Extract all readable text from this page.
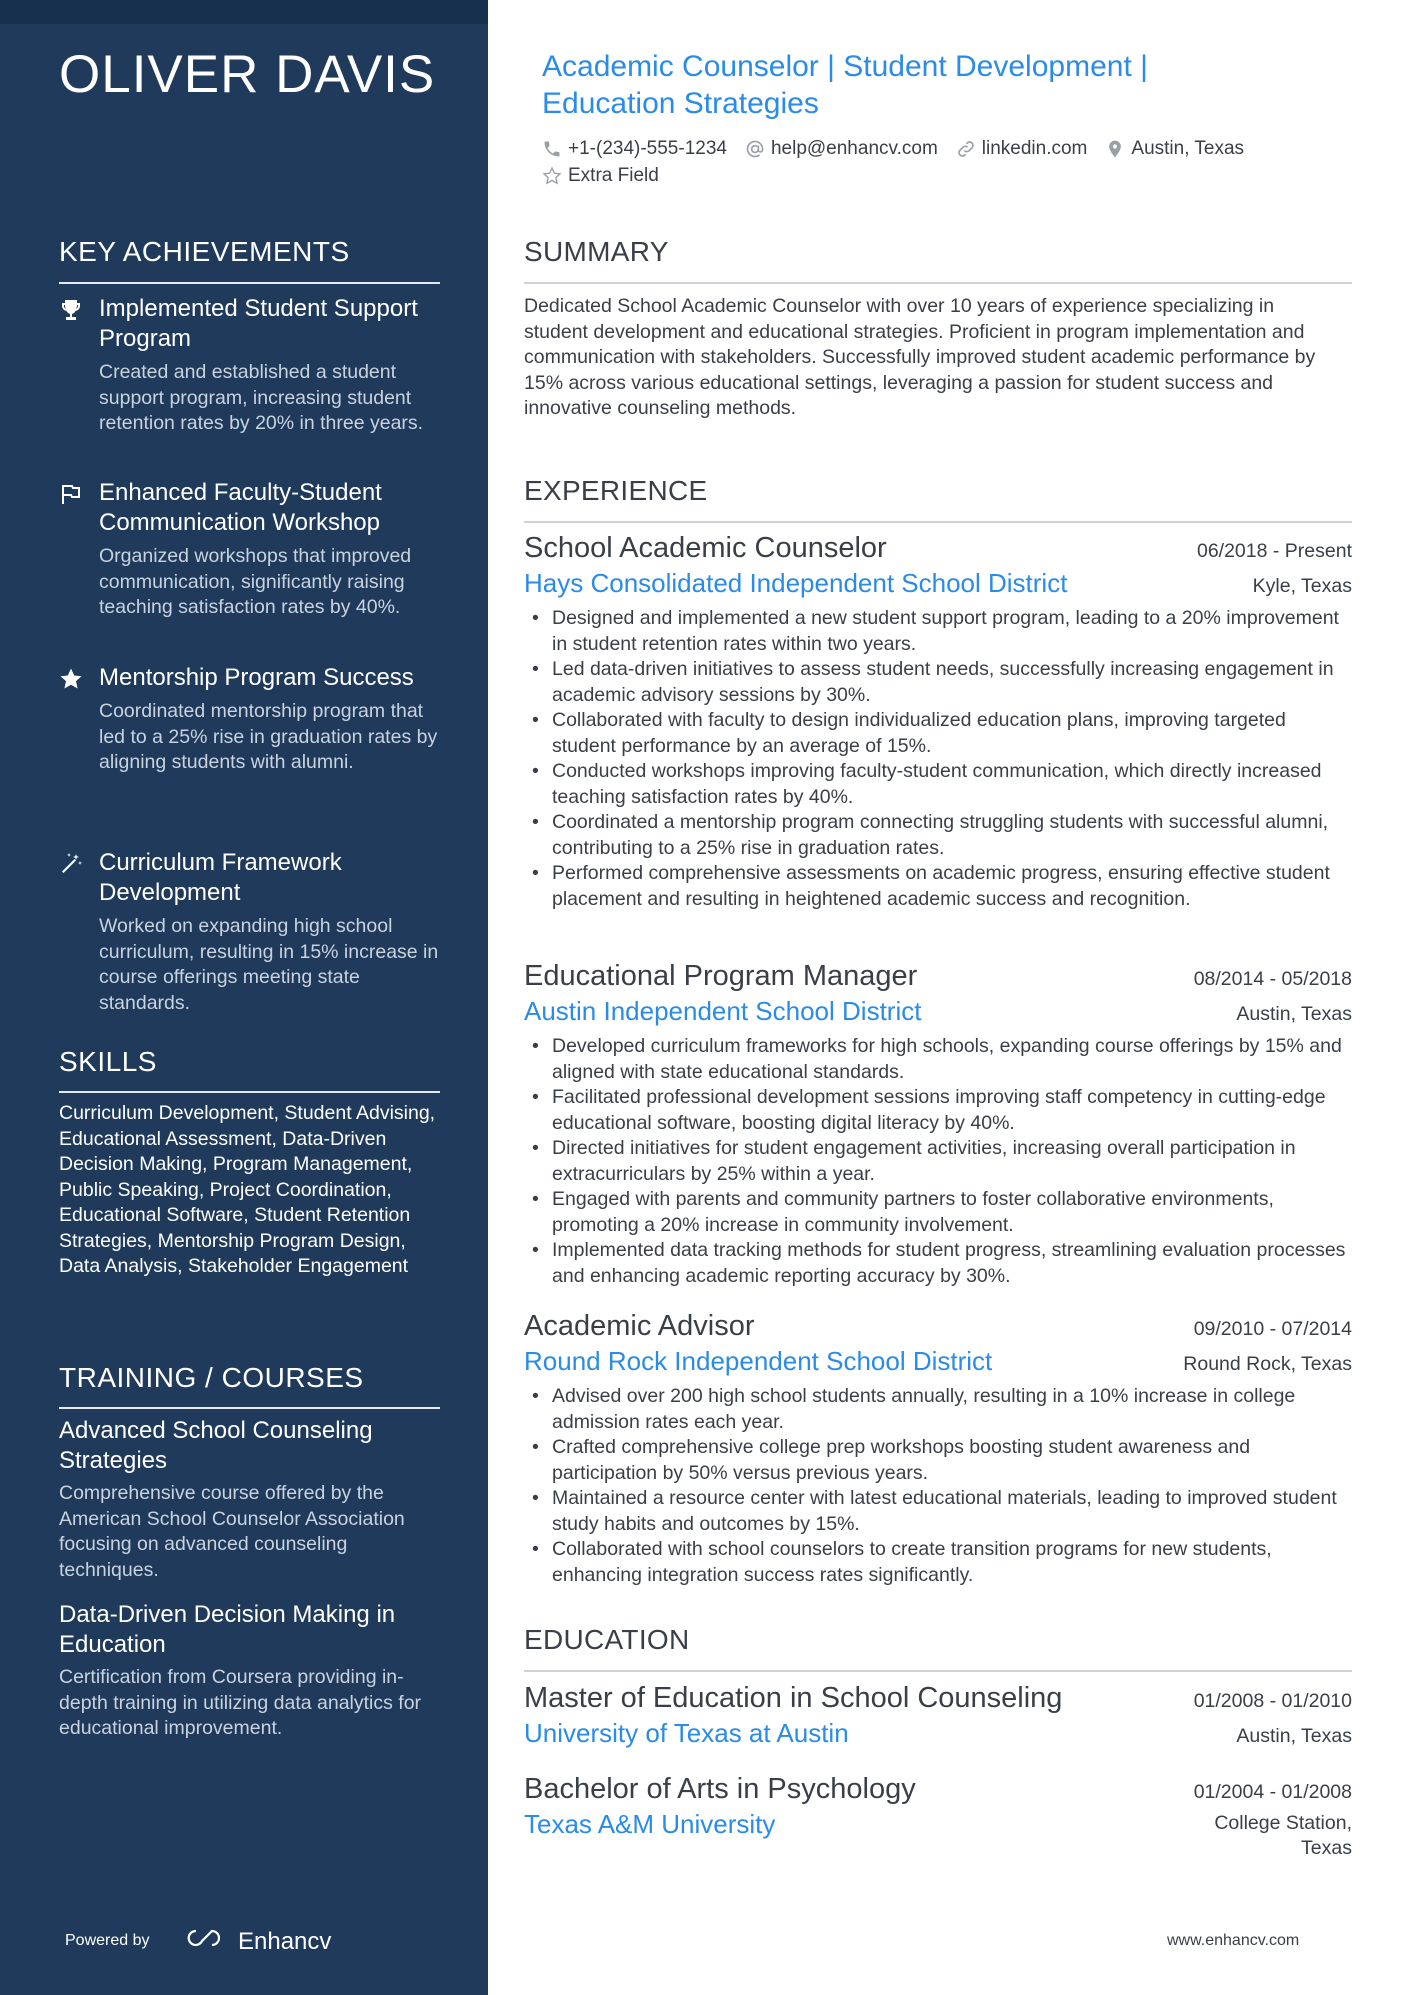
OLIVER DAVIS
KEY ACHIEVEMENTS
Implemented Student Support Program
Created and established a student support program, increasing student retention rates by 20% in three years.
Enhanced Faculty-Student Communication Workshop
Organized workshops that improved communication, significantly raising teaching satisfaction rates by 40%.
Mentorship Program Success
Coordinated mentorship program that led to a 25% rise in graduation rates by aligning students with alumni.
Curriculum Framework Development
Worked on expanding high school curriculum, resulting in 15% increase in course offerings meeting state standards.
SKILLS
Curriculum Development, Student Advising, Educational Assessment, Data-Driven Decision Making, Program Management, Public Speaking, Project Coordination, Educational Software, Student Retention Strategies, Mentorship Program Design, Data Analysis, Stakeholder Engagement
TRAINING / COURSES
Advanced School Counseling Strategies
Comprehensive course offered by the American School Counselor Association focusing on advanced counseling techniques.
Data-Driven Decision Making in Education
Certification from Coursera providing in-depth training in utilizing data analytics for educational improvement.
Powered by	Enhancv
Academic Counselor | Student Development | Education Strategies
+1-(234)-555-1234 help@enhancv.com linkedin.com Austin, Texas
Extra Field
SUMMARY
Dedicated School Academic Counselor with over 10 years of experience specializing in student development and educational strategies. Proficient in program implementation and communication with stakeholders. Successfully improved student academic performance by 15% across various educational settings, leveraging a passion for student success and innovative counseling methods.
EXPERIENCE
School Academic Counselor	06/2018 - Present
Hays Consolidated Independent School District	Kyle, Texas
• Designed and implemented a new student support program, leading to a 20% improvement in student retention rates within two years.
• Led data-driven initiatives to assess student needs, successfully increasing engagement in academic advisory sessions by 30%.
• Collaborated with faculty to design individualized education plans, improving targeted student performance by an average of 15%.
• Conducted workshops improving faculty-student communication, which directly increased teaching satisfaction rates by 40%.
• Coordinated a mentorship program connecting struggling students with successful alumni, contributing to a 25% rise in graduation rates.
• Performed comprehensive assessments on academic progress, ensuring effective student placement and resulting in heightened academic success and recognition.
Educational Program Manager	08/2014 - 05/2018
Austin Independent School District	Austin, Texas
• Developed curriculum frameworks for high schools, expanding course offerings by 15% and aligned with state educational standards.
• Facilitated professional development sessions improving staff competency in cutting-edge educational software, boosting digital literacy by 40%.
• Directed initiatives for student engagement activities, increasing overall participation in extracurriculars by 25% within a year.
• Engaged with parents and community partners to foster collaborative environments, promoting a 20% increase in community involvement.
• Implemented data tracking methods for student progress, streamlining evaluation processes and enhancing academic reporting accuracy by 30%.
Academic Advisor	09/2010 - 07/2014
Round Rock Independent School District	Round Rock, Texas
• Advised over 200 high school students annually, resulting in a 10% increase in college admission rates each year.
• Crafted comprehensive college prep workshops boosting student awareness and participation by 50% versus previous years.
• Maintained a resource center with latest educational materials, leading to improved student study habits and outcomes by 15%.
• Collaborated with school counselors to create transition programs for new students, enhancing integration success rates significantly.
EDUCATION
Master of Education in School Counseling	01/2008 - 01/2010
University of Texas at Austin	Austin, Texas
Bachelor of Arts in Psychology	01/2004 - 01/2008
Texas A&M University	College Station, Texas
www.enhancv.com
